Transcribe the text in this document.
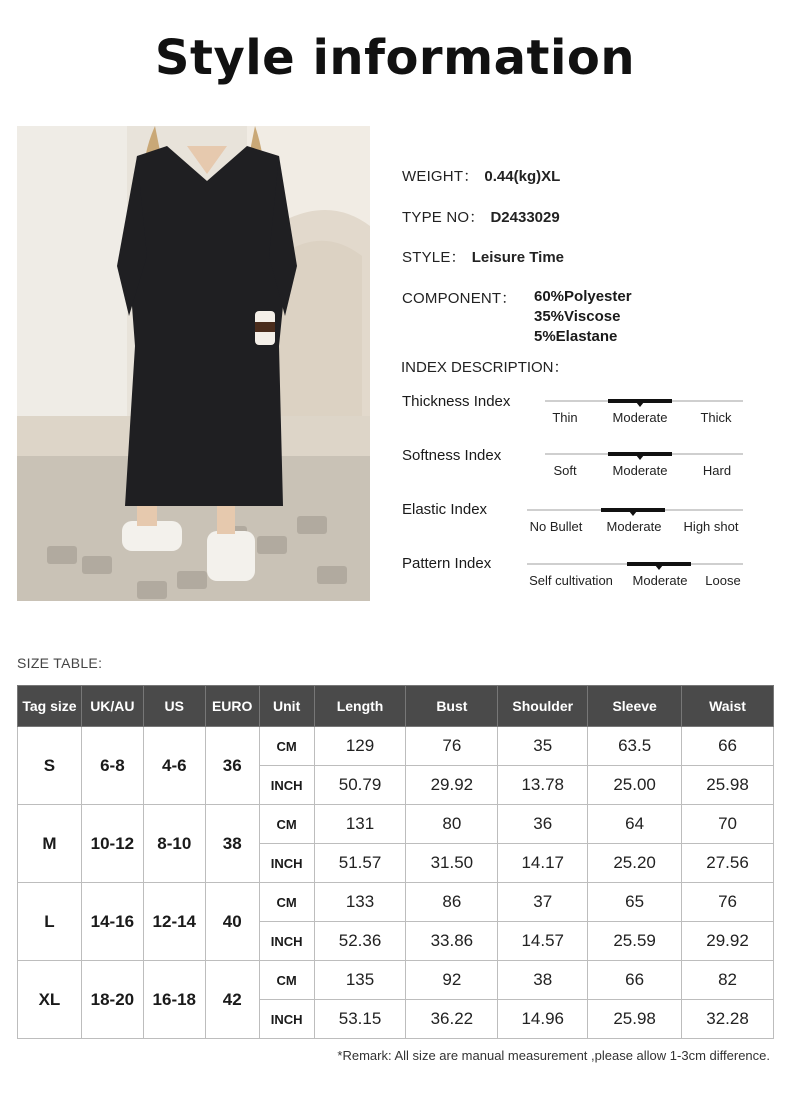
Style information
WEIGHT： 0.44(kg)XL
TYPE NO： D2433029
STYLE： Leisure Time
COMPONENT： 60%Polyester
35%Viscose
5%Elastane
INDEX DESCRIPTION：
Thickness Index
Thin	Moderate	Thick
Softness Index
Soft	Moderate	Hard
Elastic Index
No Bullet Moderate High shot
Pattern Index
Self cultivation Moderate Loose
SIZE TABLE:
Tag size	UK/AU	US	EURO	Unit	Length	Bust	Shoulder	Sleeve	Waist
S	6-8	4-6	36	CM	129	76	35	63.5	66
				INCH	50.79	29.92	13.78	25.00	25.98
M	10-12	8-10	38	CM	131	80	36	64	70
				INCH	51.57	31.50	14.17	25.20	27.56
L	14-16	12-14	40	CM	133	86	37	65	76
				INCH	52.36	33.86	14.57	25.59	29.92
XL	18-20	16-18	42	CM	135	92	38	66	82
				INCH	53.15	36.22	14.96	25.98	32.28
*Remark: All size are manual measurement ,please allow 1-3cm difference.
